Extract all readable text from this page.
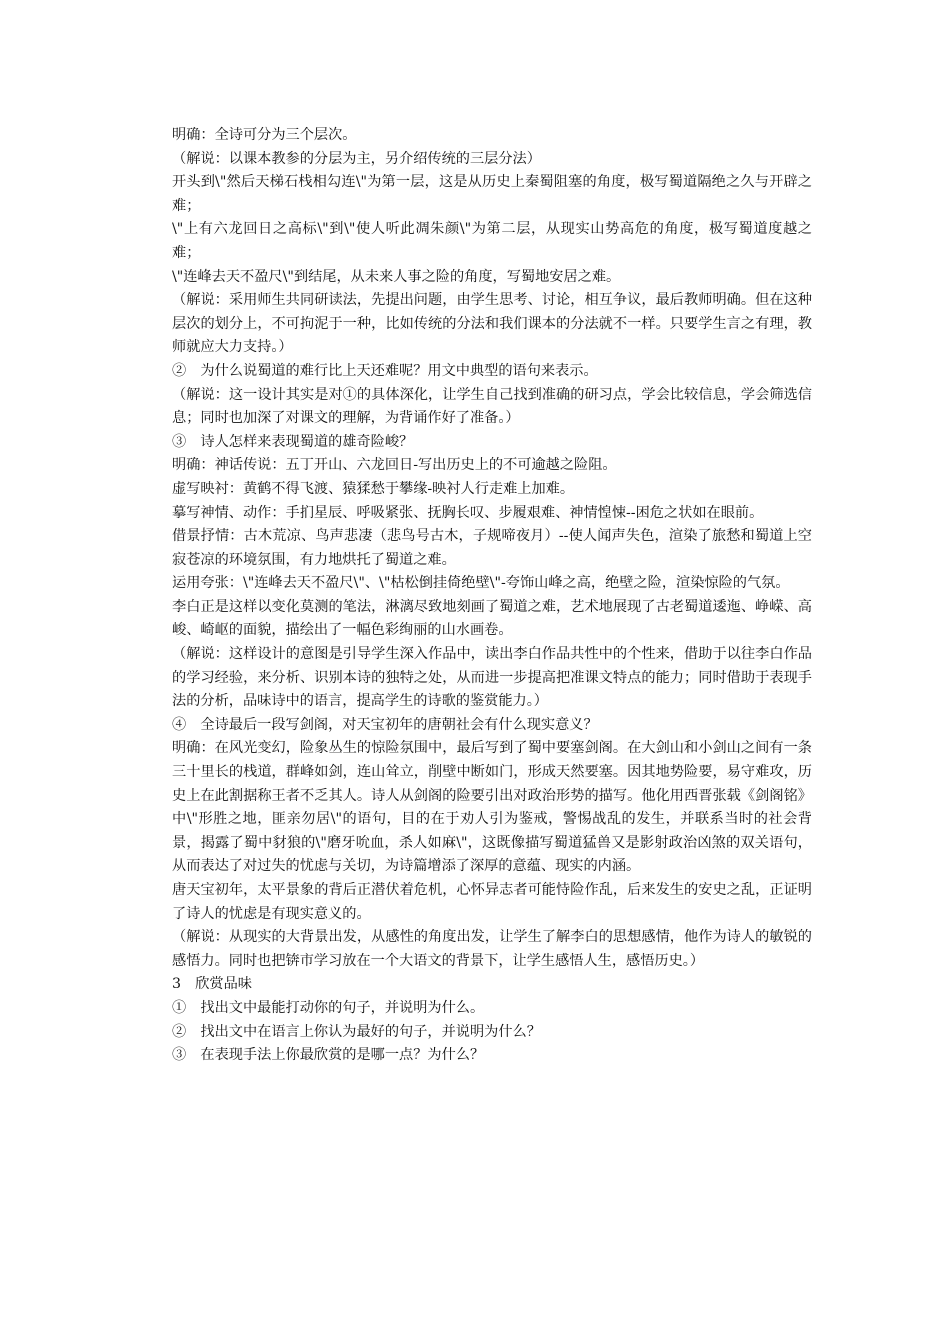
明确：全诗可分为三个层次。

（解说：以课本教参的分层为主，另介绍传统的三层分法）

开头到\"然后天梯石栈相勾连\"为第一层，这是从历史上秦蜀阻塞的角度，极写蜀道隔绝之久与开辟之难；

\"上有六龙回日之高标\"到\"使人听此凋朱颜\"为第二层，从现实山势高危的角度，极写蜀道度越之难；

\"连峰去天不盈尺\"到结尾，从未来人事之险的角度，写蜀地安居之难。

（解说：采用师生共同研读法，先提出问题，由学生思考、讨论，相互争议，最后教师明确。但在这种层次的划分上，不可拘泥于一种，比如传统的分法和我们课本的分法就不一样。只要学生言之有理，教师就应大力支持。）

②　为什么说蜀道的难行比上天还难呢？用文中典型的语句来表示。

（解说：这一设计其实是对①的具体深化，让学生自己找到准确的研习点，学会比较信息，学会筛选信息；同时也加深了对课文的理解，为背诵作好了准备。）

③　诗人怎样来表现蜀道的雄奇险峻？

明确：神话传说：五丁开山、六龙回日-写出历史上的不可逾越之险阻。

虚写映衬：黄鹤不得飞渡、猿猱愁于攀缘-映衬人行走难上加难。

摹写神情、动作：手扪星辰、呼吸紧张、抚胸长叹、步履艰难、神情惶悚--困危之状如在眼前。

借景抒情：古木荒凉、鸟声悲凄（悲鸟号古木，子规啼夜月）--使人闻声失色，渲染了旅愁和蜀道上空寂苍凉的环境氛围，有力地烘托了蜀道之难。

运用夸张：\"连峰去天不盈尺\"、\"枯松倒挂倚绝壁\"-夸饰山峰之高，绝壁之险，渲染惊险的气氛。

李白正是这样以变化莫测的笔法，淋漓尽致地刻画了蜀道之难，艺术地展现了古老蜀道逶迤、峥嵘、高峻、崎岖的面貌，描绘出了一幅色彩绚丽的山水画卷。

（解说：这样设计的意图是引导学生深入作品中，读出李白作品共性中的个性来，借助于以往李白作品的学习经验，来分析、识别本诗的独特之处，从而进一步提高把准课文特点的能力；同时借助于表现手法的分析，品味诗中的语言，提高学生的诗歌的鉴赏能力。）

④　全诗最后一段写剑阁，对天宝初年的唐朝社会有什么现实意义？

明确：在风光变幻，险象丛生的惊险氛围中，最后写到了蜀中要塞剑阁。在大剑山和小剑山之间有一条三十里长的栈道，群峰如剑，连山耸立，削壁中断如门，形成天然要塞。因其地势险要，易守难攻，历史上在此割据称王者不乏其人。诗人从剑阁的险要引出对政治形势的描写。他化用西晋张载《剑阁铭》中\"形胜之地，匪亲勿居\"的语句，目的在于劝人引为鉴戒，警惕战乱的发生，并联系当时的社会背景，揭露了蜀中豺狼的\"磨牙吮血，杀人如麻\"，这既像描写蜀道猛兽又是影射政治凶煞的双关语句，从而表达了对过失的忧虑与关切，为诗篇增添了深厚的意蕴、现实的内涵。

唐天宝初年，太平景象的背后正潜伏着危机，心怀异志者可能恃险作乱，后来发生的安史之乱，正证明了诗人的忧虑是有现实意义的。

（解说：从现实的大背景出发，从感性的角度出发，让学生了解李白的思想感情，他作为诗人的敏锐的感悟力。同时也把锛市学习放在一个大语文的背景下，让学生感悟人生，感悟历史。）

3　欣赏品味

①　找出文中最能打动你的句子，并说明为什么。

②　找出文中在语言上你认为最好的句子，并说明为什么？

③　在表现手法上你最欣赏的是哪一点？为什么？
